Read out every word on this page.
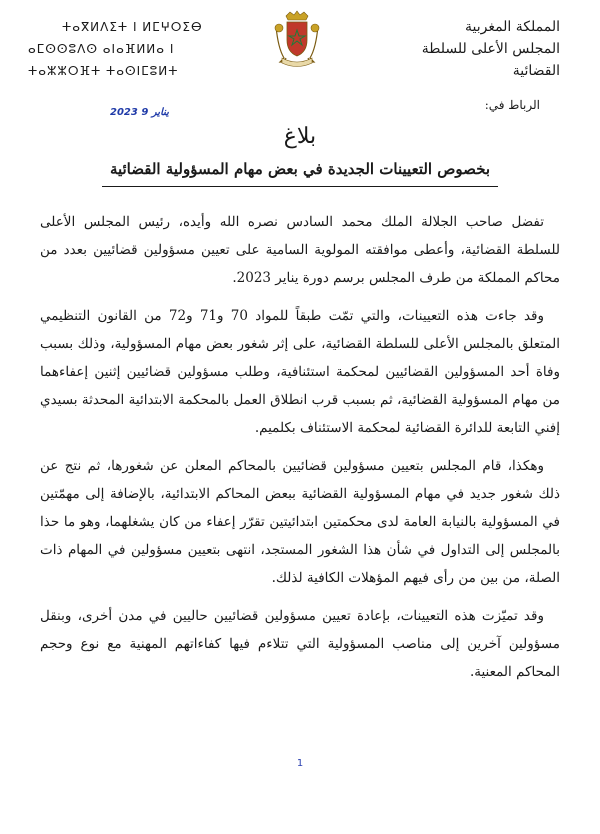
المملكة المغربية
المجلس الأعلى للسلطة القضائية
ⵜⴰⴳⵍⴷⵉⵜ ⵏ ⵍⵎⵖⵔⵉⴱ
ⴰⵎⵙⵙⵓⴷⵙ ⴰⵏⴰⴼⵍⵍⴰ ⵏ ⵜⴰⵣⵣⵔⴼⵜ ⵜⴰⵙⵏⵎⵓⵍⵜ
الرباط في:
2023 يناير 9
بلاغ
بخصوص التعيينات الجديدة في بعض مهام المسؤولية القضائية

تفضل صاحب الجلالة الملك محمد السادس نصره الله وأيده، رئيس المجلس الأعلى للسلطة القضائية، وأعطى موافقته المولوية السامية على تعيين مسؤولين قضائيين بعدد من محاكم المملكة من طرف المجلس برسم دورة يناير 2023.

وقد جاءت هذه التعيينات، والتي تمّت طبقاً للمواد 70 و71 و72 من القانون التنظيمي المتعلق بالمجلس الأعلى للسلطة القضائية، على إثر شغور بعض مهام المسؤولية، وذلك بسبب وفاة أحد المسؤولين القضائيين لمحكمة استئنافية، وطلب مسؤولين قضائيين إثنين إعفاءهما من مهام المسؤولية القضائية، ثم بسبب قرب انطلاق العمل بالمحكمة الابتدائية المحدثة بسيدي إفني التابعة للدائرة القضائية لمحكمة الاستئناف بكلميم.

وهكذا، قام المجلس بتعيين مسؤولين قضائيين بالمحاكم المعلن عن شغورها، ثم نتج عن ذلك شغور جديد في مهام المسؤولية القضائية ببعض المحاكم الابتدائية، بالإضافة إلى مهمّتين في المسؤولية بالنيابة العامة لدى محكمتين ابتدائيتين تقرّر إعفاء من كان يشغلهما، وهو ما حذا بالمجلس إلى التداول في شأن هذا الشغور المستجد، انتهى بتعيين مسؤولين في المهام ذات الصلة، من بين من رأى فيهم المؤهلات الكافية لذلك.

وقد تميّزت هذه التعيينات، بإعادة تعيين مسؤولين قضائيين حاليين في مدن أخرى، وبنقل مسؤولين آخرين إلى مناصب المسؤولية التي تتلاءم فيها كفاءاتهم المهنية مع نوع وحجم المحاكم المعنية.

1
